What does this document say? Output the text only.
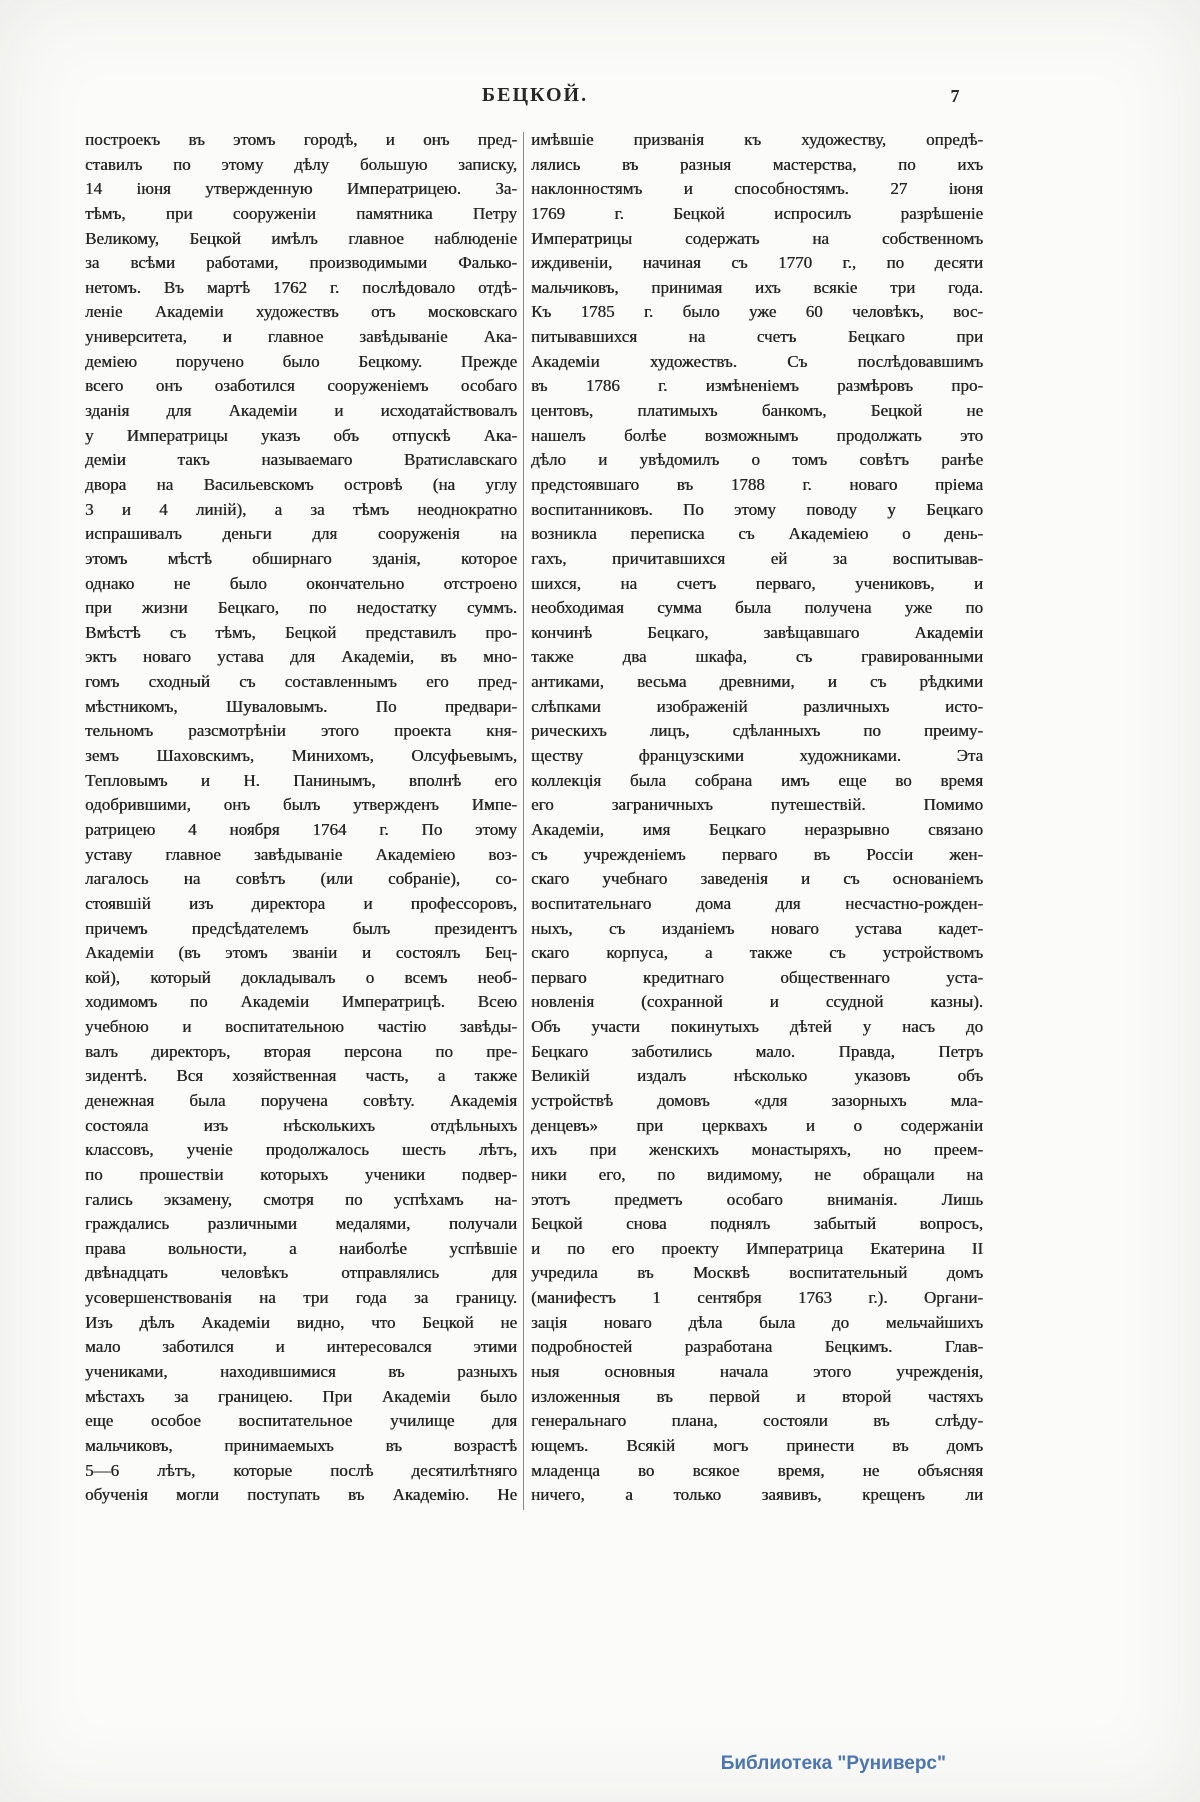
БЕЦКОЙ.	7
построекъ въ этомъ городѣ, и онъ пред-
ставилъ по этому дѣлу большую записку,
14 іюня утвержденную Императрицею. За-
тѣмъ, при сооруженіи памятника Петру
Великому, Бецкой имѣлъ главное наблюденіе
за всѣми работами, производимыми Фалько-
нетомъ. Въ мартѣ 1762 г. послѣдовало отдѣ-
леніе Академіи художествъ отъ московскаго
университета, и главное завѣдываніе Ака-
деміею поручено было Бецкому. Прежде
всего онъ озаботился сооруженіемъ особаго
зданія для Академіи и исходатайствовалъ
у Императрицы указъ объ отпускѣ Ака-
деміи такъ называемаго Вратиславскаго
двора на Васильевскомъ островѣ (на углу
3 и 4 линій), а за тѣмъ неоднократно
испрашивалъ деньги для сооруженія на
этомъ мѣстѣ обширнаго зданія, которое
однако не было окончательно отстроено
при жизни Бецкаго, по недостатку суммъ.
Вмѣстѣ съ тѣмъ, Бецкой представилъ про-
эктъ новаго устава для Академіи, въ мно-
гомъ сходный съ составленнымъ его пред-
мѣстникомъ, Шуваловымъ. По предвари-
тельномъ разсмотрѣніи этого проекта кня-
земъ Шаховскимъ, Минихомъ, Олсуфьевымъ,
Тепловымъ и Н. Панинымъ, вполнѣ его
одобрившими, онъ былъ утвержденъ Импе-
ратрицею 4 ноября 1764 г. По этому
уставу главное завѣдываніе Академіею воз-
лагалось на совѣтъ (или собраніе), со-
стоявшій изъ директора и профессоровъ,
причемъ предсѣдателемъ былъ президентъ
Академіи (въ этомъ званіи и состоялъ Бец-
кой), который докладывалъ о всемъ необ-
ходимомъ по Академіи Императрицѣ. Всею
учебною и воспитательною частію завѣды-
валъ директоръ, вторая персона по пре-
зидентѣ. Вся хозяйственная часть, а также
денежная была поручена совѣту. Академія
состояла изъ нѣсколькихъ отдѣльныхъ
классовъ, ученіе продолжалось шесть лѣтъ,
по прошествіи которыхъ ученики подвер-
гались экзамену, смотря по успѣхамъ на-
граждались различными медалями, получали
права вольности, а наиболѣе успѣвшіе
двѣнадцать человѣкъ отправлялись для
усовершенствованія на три года за границу.
Изъ дѣлъ Академіи видно, что Бецкой не
мало заботился и интересовался этими
учениками, находившимися въ разныхъ
мѣстахъ за границею. При Академіи было
еще особое воспитательное училище для
мальчиковъ, принимаемыхъ въ возрастѣ
5—6 лѣтъ, которые послѣ десятилѣтняго
обученія могли поступать въ Академію. Не
имѣвшіе призванія къ художеству, опредѣ-
лялись въ разныя мастерства, по ихъ
наклонностямъ и способностямъ. 27 іюня
1769 г. Бецкой испросилъ разрѣшеніе
Императрицы содержать на собственномъ
иждивеніи, начиная съ 1770 г., по десяти
мальчиковъ, принимая ихъ всякіе три года.
Къ 1785 г. было уже 60 человѣкъ, вос-
питывавшихся на счетъ Бецкаго при
Академіи художествъ. Съ послѣдовавшимъ
въ 1786 г. измѣненіемъ размѣровъ про-
центовъ, платимыхъ банкомъ, Бецкой не
нашелъ болѣе возможнымъ продолжать это
дѣло и увѣдомилъ о томъ совѣтъ ранѣе
предстоявшаго въ 1788 г. новаго пріема
воспитанниковъ. По этому поводу у Бецкаго
возникла переписка съ Академіею о день-
гахъ, причитавшихся ей за воспитывав-
шихся, на счетъ перваго, учениковъ, и
необходимая сумма была получена уже по
кончинѣ Бецкаго, завѣщавшаго Академіи
также два шкафа, съ гравированными
антиками, весьма древними, и съ рѣдкими
слѣпками изображеній различныхъ исто-
рическихъ лицъ, сдѣланныхъ по преиму-
ществу французскими художниками. Эта
коллекція была собрана имъ еще во время
его заграничныхъ путешествій. Помимо
Академіи, имя Бецкаго неразрывно связано
съ учрежденіемъ перваго въ Россіи жен-
скаго учебнаго заведенія и съ основаніемъ
воспитательнаго дома для несчастно-рожден-
ныхъ, съ изданіемъ новаго устава кадет-
скаго корпуса, а также съ устройствомъ
перваго кредитнаго общественнаго уста-
новленія (сохранной и ссудной казны).
Объ участи покинутыхъ дѣтей у насъ до
Бецкаго заботились мало. Правда, Петръ
Великій издалъ нѣсколько указовъ объ
устройствѣ домовъ «для зазорныхъ мла-
денцевъ» при церквахъ и о содержаніи
ихъ при женскихъ монастыряхъ, но преем-
ники его, по видимому, не обращали на
этотъ предметъ особаго вниманія. Лишь
Бецкой снова поднялъ забытый вопросъ,
и по его проекту Императрица Екатерина II
учредила въ Москвѣ воспитательный домъ
(манифестъ 1 сентября 1763 г.). Органи-
зація новаго дѣла была до мельчайшихъ
подробностей разработана Бецкимъ. Глав-
ныя основныя начала этого учрежденія,
изложенныя въ первой и второй частяхъ
генеральнаго плана, состояли въ слѣду-
ющемъ. Всякій могъ принести въ домъ
младенца во всякое время, не объясняя
ничего, а только заявивъ, крещенъ ли
Библиотека "Руниверс"
